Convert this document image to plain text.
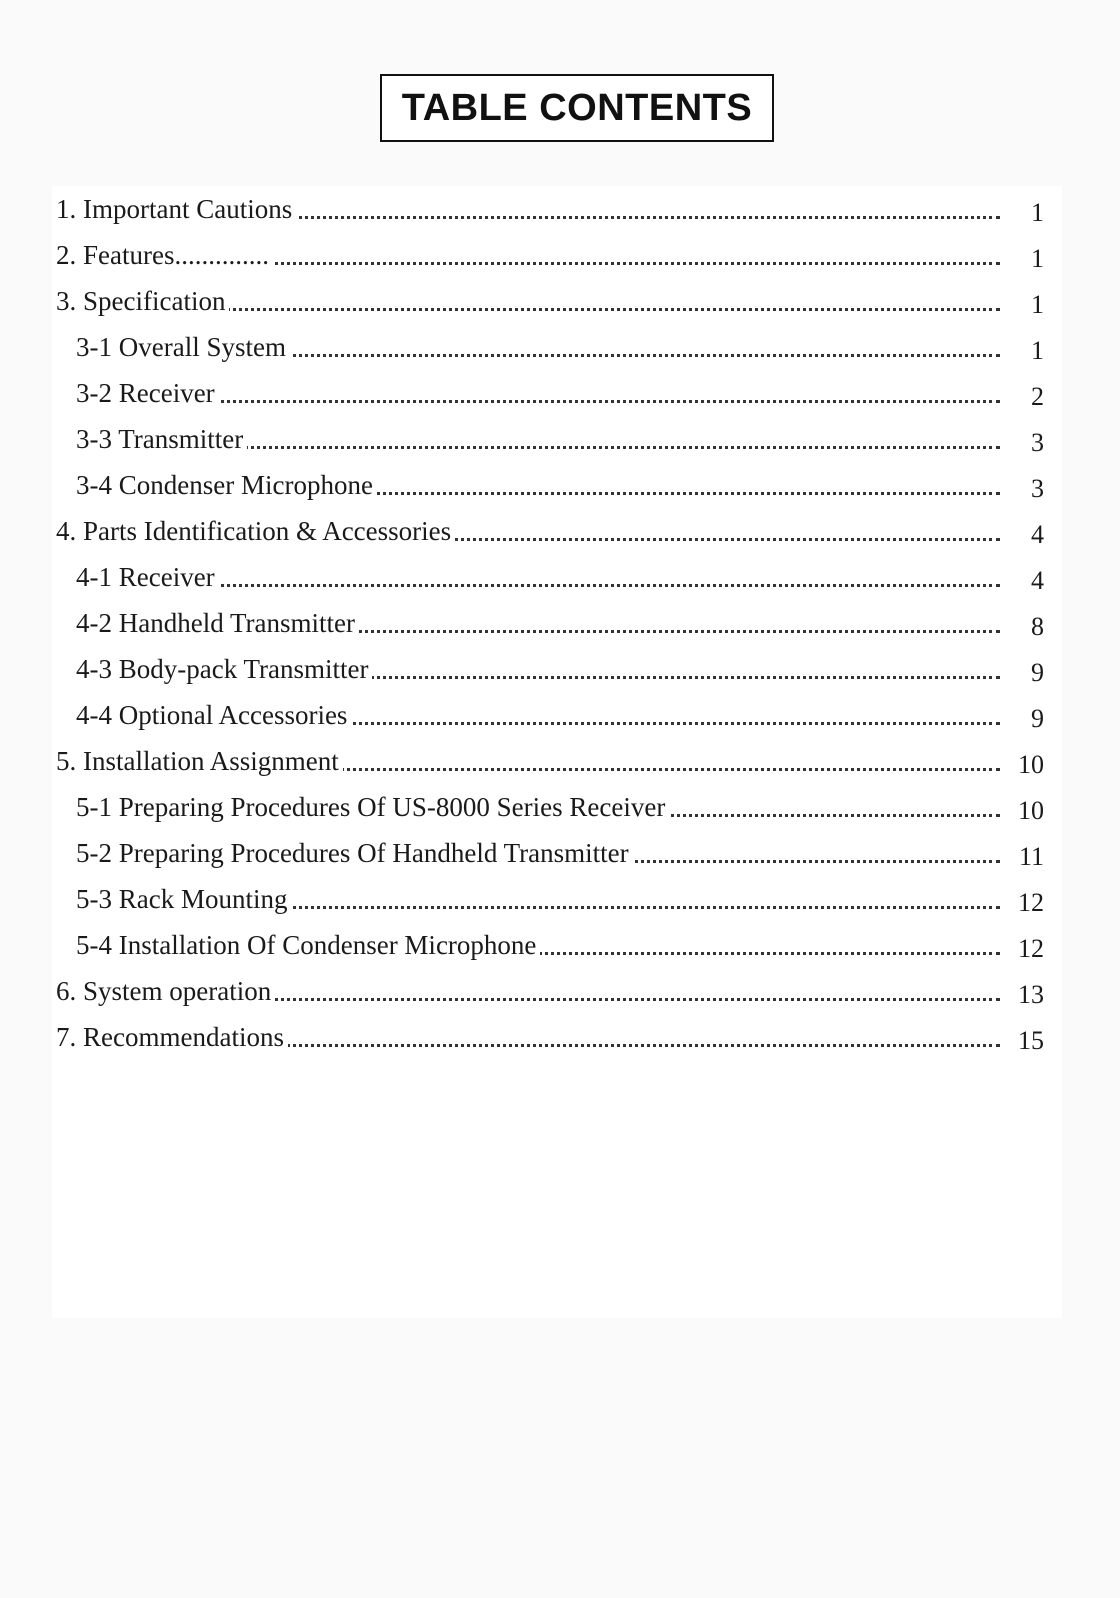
TABLE CONTENTS
1. Important Cautions	1
2. Features..............	1
3. Specification	1
3-1 Overall System	1
3-2 Receiver	2
3-3 Transmitter	3
3-4 Condenser Microphone	3
4. Parts Identification & Accessories	4
4-1 Receiver	4
4-2 Handheld Transmitter	8
4-3 Body-pack Transmitter	9
4-4 Optional Accessories	9
5. Installation Assignment	10
5-1 Preparing Procedures Of US-8000 Series Receiver	10
5-2 Preparing Procedures Of Handheld Transmitter	11
5-3 Rack Mounting	12
5-4 Installation Of Condenser Microphone	12
6. System operation	13
7. Recommendations	15
